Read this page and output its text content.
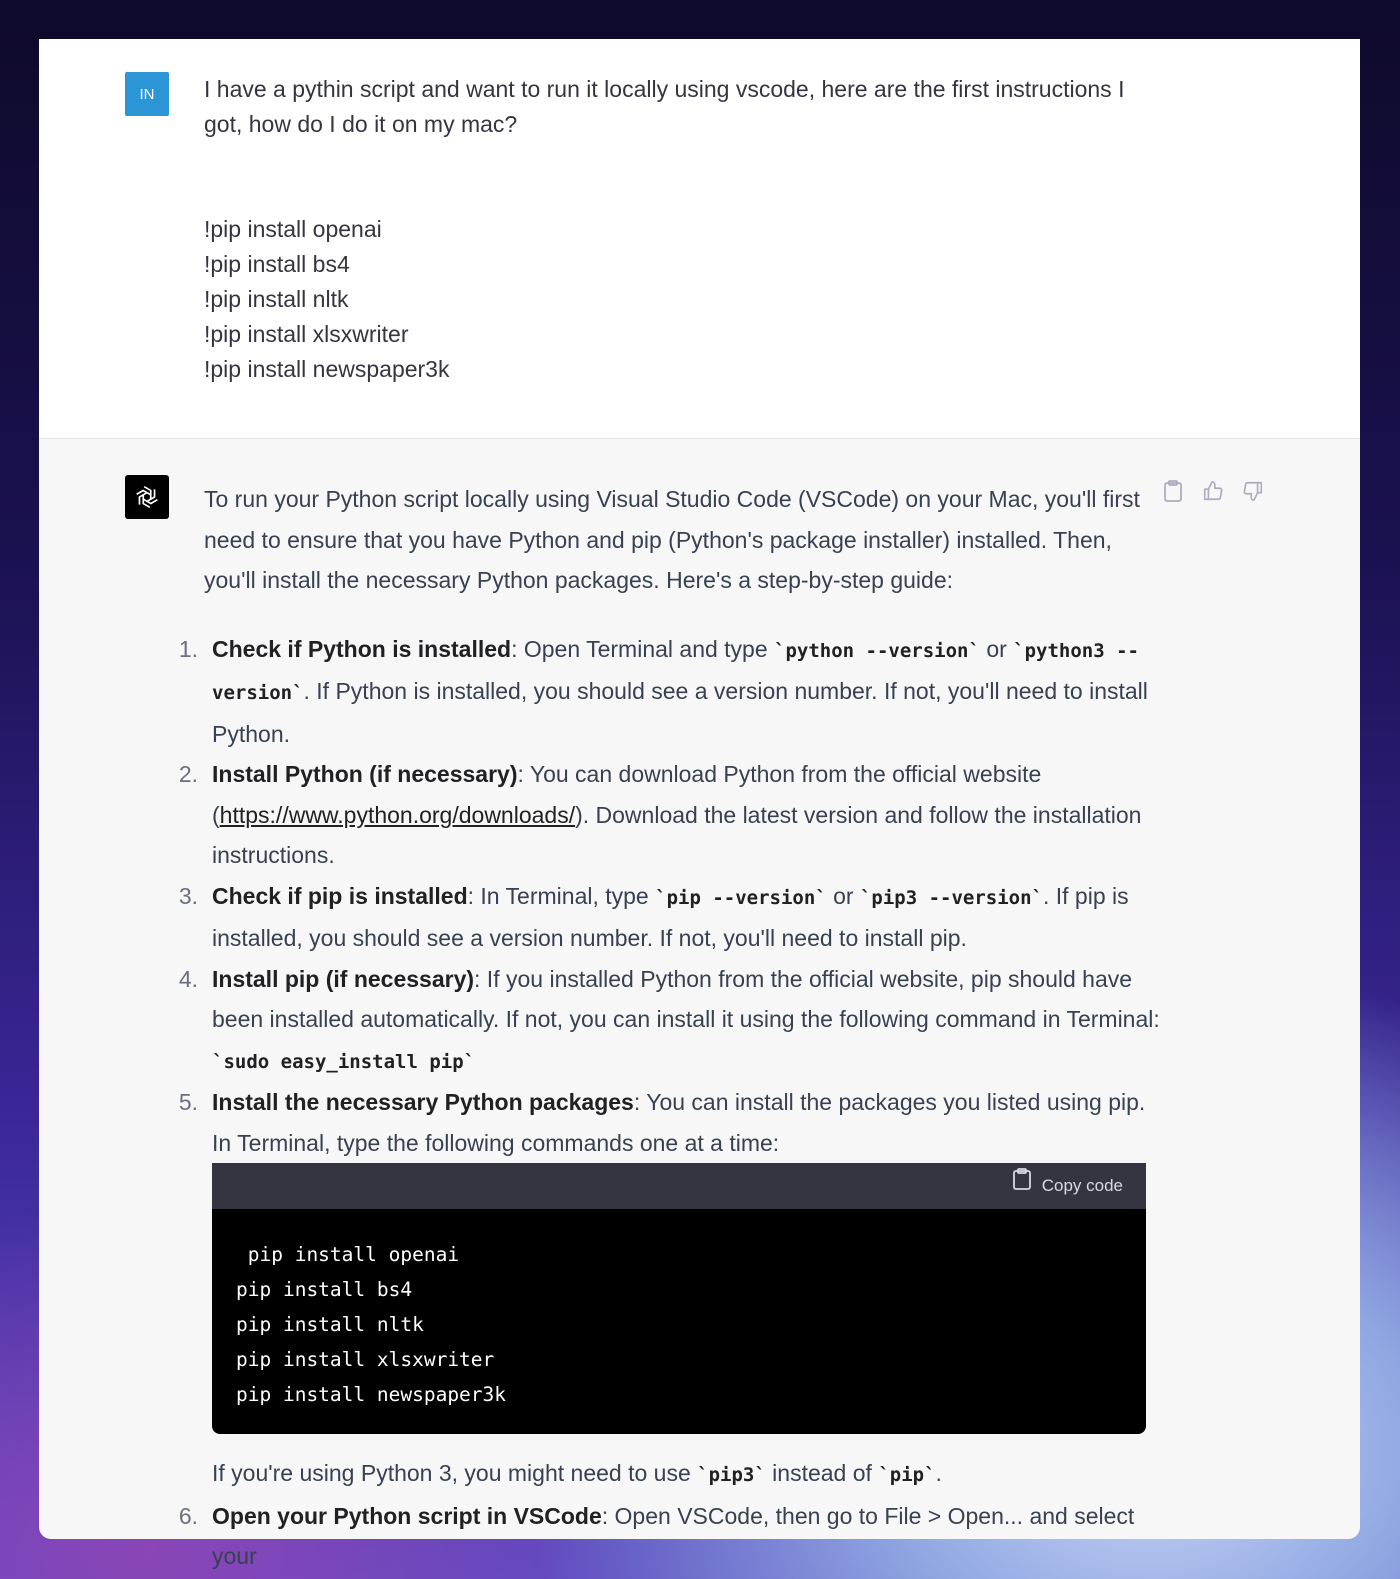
IN I have a pythin script and want to run it locally using vscode, here are the first instructions I got, how do I do it on my mac?
!pip install openai
!pip install bs4
!pip install nltk
!pip install xlsxwriter
!pip install newspaper3k

To run your Python script locally using Visual Studio Code (VSCode) on your Mac, you'll first need to ensure that you have Python and pip (Python's package installer) installed. Then, you'll install the necessary Python packages. Here's a step-by-step guide:

1. Check if Python is installed: Open Terminal and type `python --version` or `python3 --version`. If Python is installed, you should see a version number. If not, you'll need to install Python.
2. Install Python (if necessary): You can download Python from the official website (https://www.python.org/downloads/). Download the latest version and follow the installation instructions.
3. Check if pip is installed: In Terminal, type `pip --version` or `pip3 --version`. If pip is installed, you should see a version number. If not, you'll need to install pip.
4. Install pip (if necessary): If you installed Python from the official website, pip should have been installed automatically. If not, you can install it using the following command in Terminal: `sudo easy_install pip`
5. Install the necessary Python packages: You can install the packages you listed using pip. In Terminal, type the following commands one at a time:
Copy code
pip install openai
pip install bs4
pip install nltk
pip install xlsxwriter
pip install newspaper3k

If you're using Python 3, you might need to use `pip3` instead of `pip`.

6. Open your Python script in VSCode: Open VSCode, then go to File > Open... and select your
